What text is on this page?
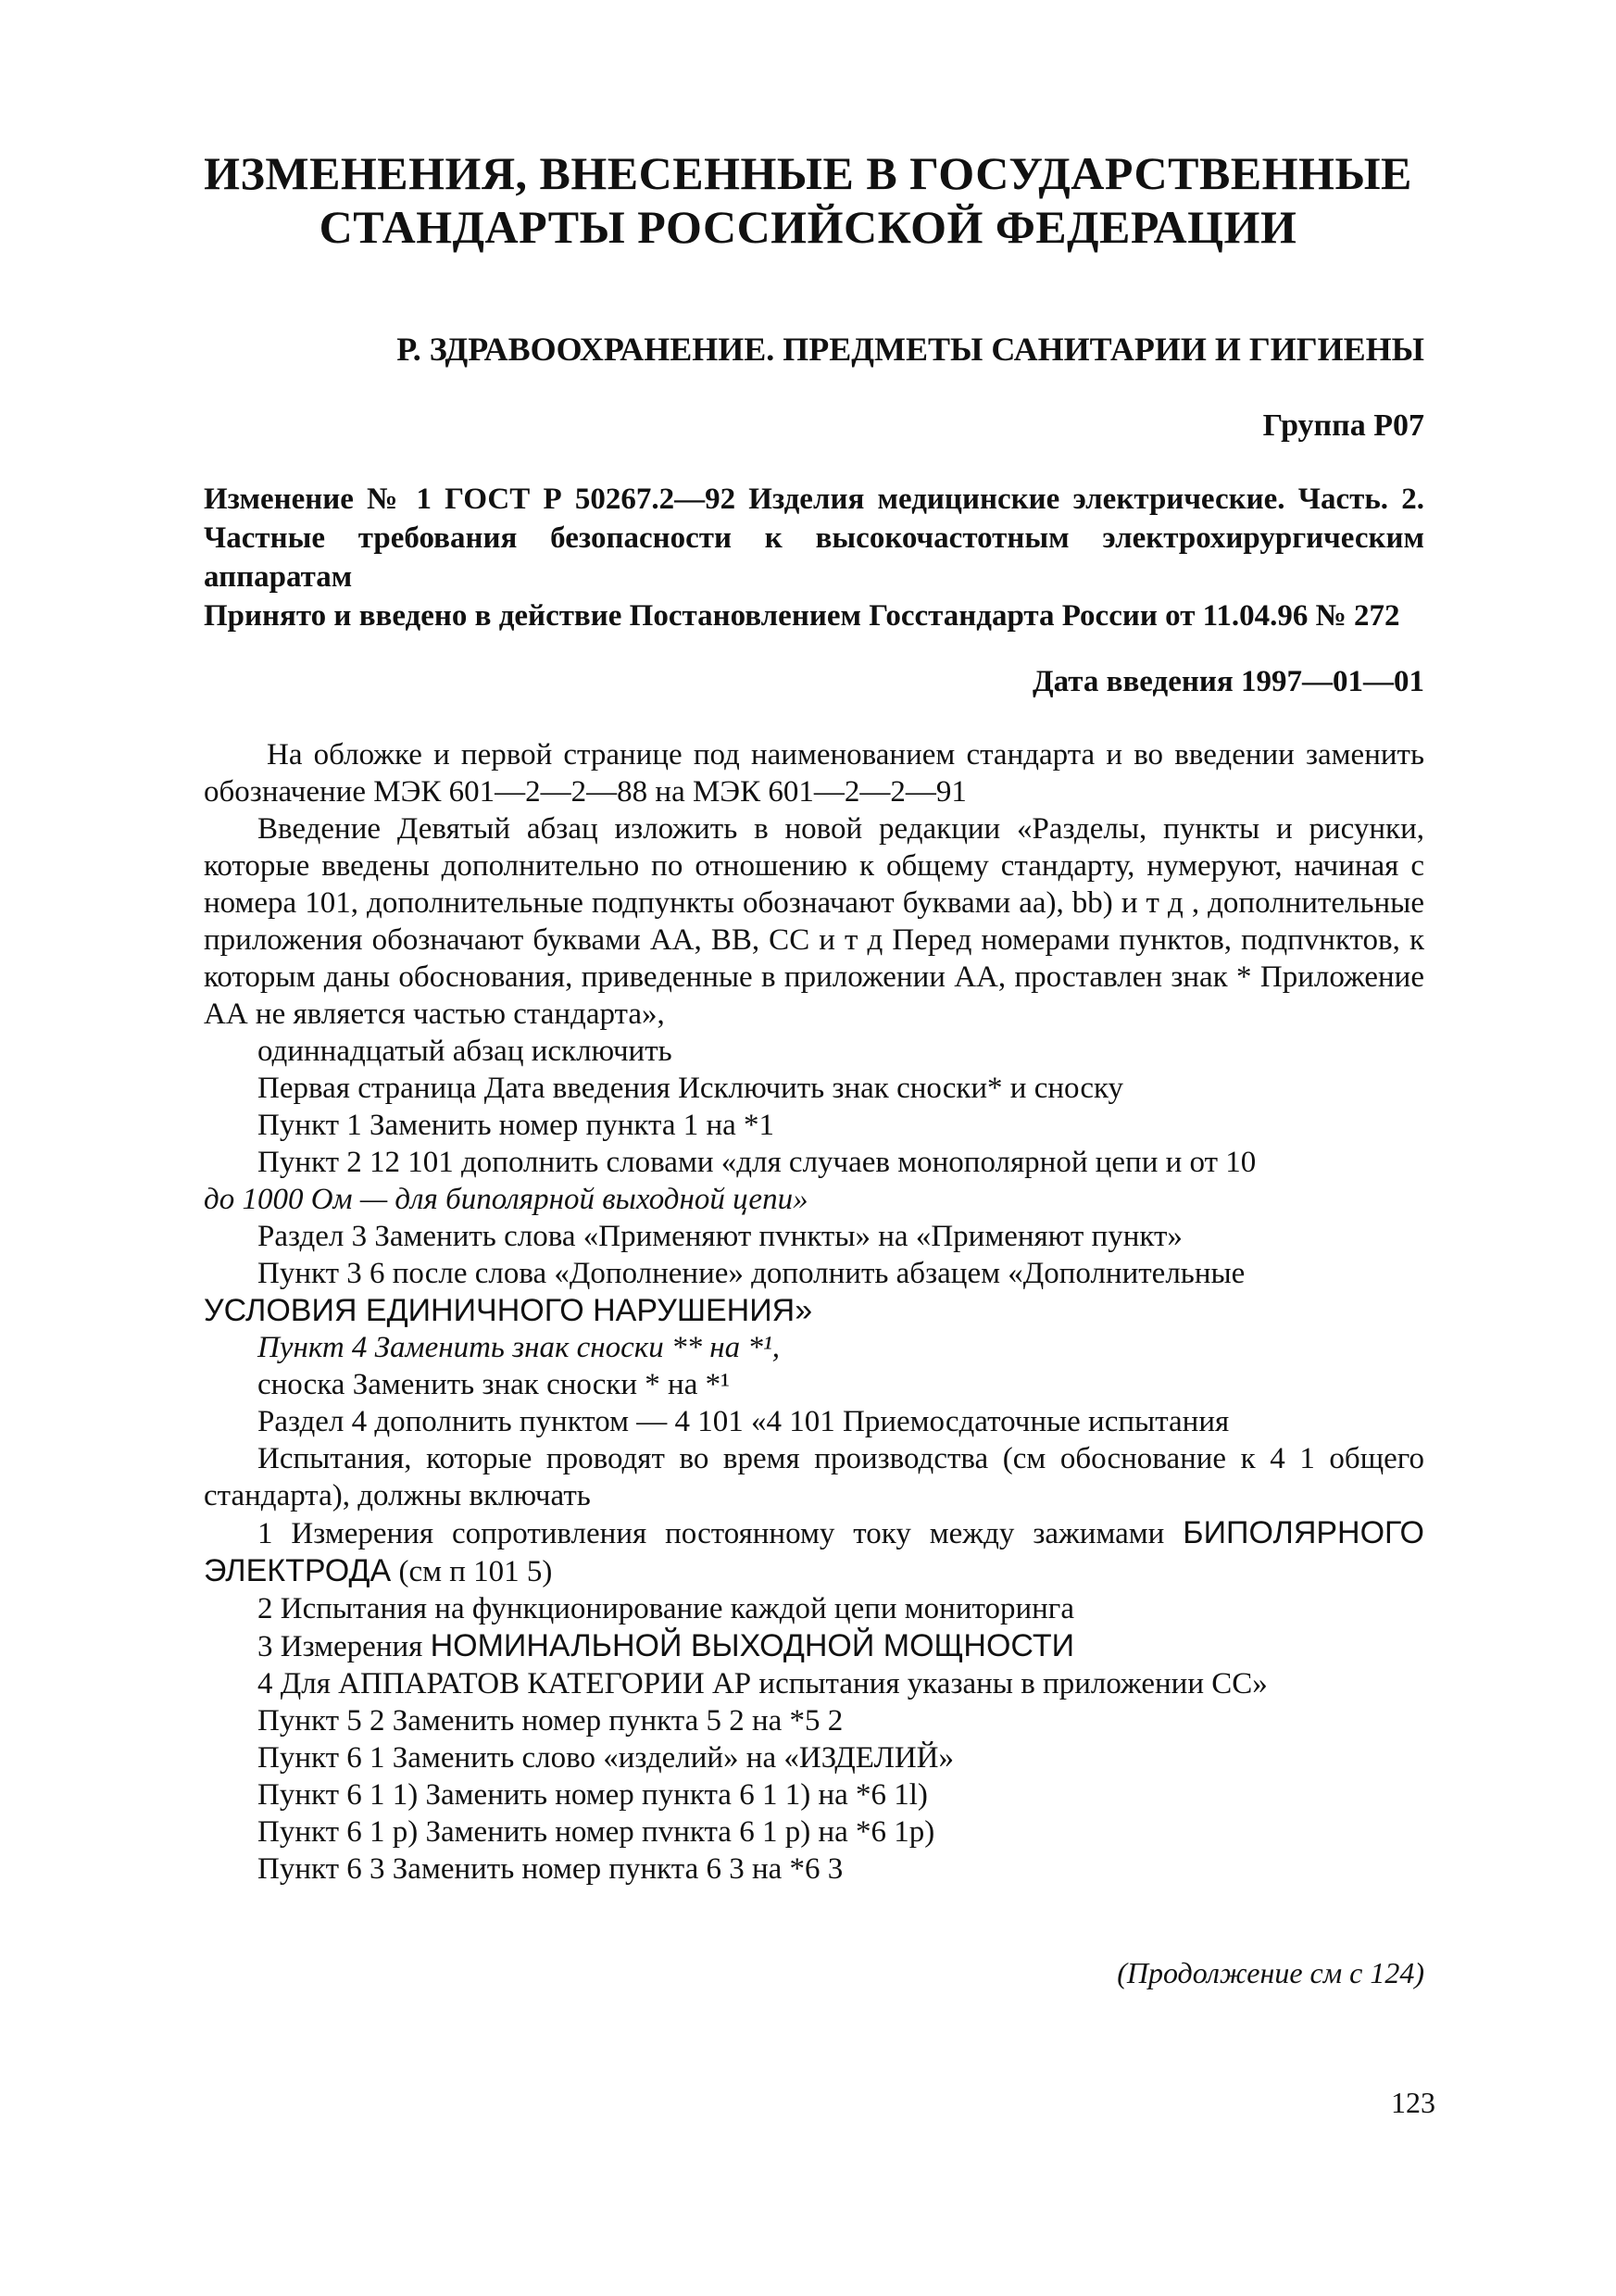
ИЗМЕНЕНИЯ, ВНЕСЕННЫЕ В ГОСУДАРСТВЕННЫЕ
СТАНДАРТЫ РОССИЙСКОЙ ФЕДЕРАЦИИ
Р. ЗДРАВООХРАНЕНИЕ. ПРЕДМЕТЫ САНИТАРИИ И ГИГИЕНЫ
Группа Р07

Изменение № 1 ГОСТ Р 50267.2—92 Изделия медицинские электрические. Часть. 2. Частные требования безопасности к высокочастотным электрохирургическим аппаратам

Принято и введено в действие Постановлением Госстандарта России от 11.04.96 № 272

Дата введения 1997—01—01

На обложке и первой странице под наименованием стандарта и во введении заменить обозначение МЭК 601—2—2—88 на МЭК 601—2—2—91

Введение Девятый абзац изложить в новой редакции «Разделы, пункты и рисунки, которые введены дополнительно по отношению к общему стандарту, нумеруют, начиная с номера 101, дополнительные подпункты обозначают буквами аа), bb) и т д , дополнительные приложения обозначают буквами АА, ВВ, СС и т д Перед номерами пунктов, подпvнктов, к которым даны обоснования, приведенные в приложении АА, проставлен знак * Приложение АА не является частью стандарта»,

одиннадцатый абзац исключить

Первая страница Дата введения Исключить знак сноски* и сноску

Пункт 1 Заменить номер пункта 1 на *1

Пункт 2 12 101 дополнить словами «для случаев монополярной цепи и от 10

до 1000 Ом — для биполярной выходной цепи»

Раздел 3 Заменить слова «Применяют пvнкты» на «Применяют пункт»

Пункт 3 6 после слова «Дополнение» дополнить абзацем «Дополнительные

УСЛОВИЯ ЕДИНИЧНОГО НАРУШЕНИЯ»

Пункт 4 Заменить знак сноски ** на *¹,

сноска Заменить знак сноски * на *¹

Раздел 4 дополнить пунктом — 4 101 «4 101 Приемосдаточные испытания

Испытания, которые проводят во время производства (см обоснование к 4 1 общего стандарта), должны включать

1 Измерения сопротивления постоянному току между зажимами БИПОЛЯРНОГО ЭЛЕКТРОДА (см п 101 5)

2 Испытания на функционирование каждой цепи мониторинга

3 Измерения НОМИНАЛЬНОЙ ВЫХОДНОЙ МОЩНОСТИ

4 Для АППАРАТОВ КАТЕГОРИИ АР испытания указаны в приложении СС»

Пункт 5 2 Заменить номер пункта 5 2 на *5 2

Пункт 6 1 Заменить слово «изделий» на «ИЗДЕЛИЙ»

Пункт 6 1 1) Заменить номер пункта 6 1 1) на *6 1l)

Пункт 6 1 р) Заменить номер пvнкта 6 1 р) на *6 1р)

Пункт 6 3 Заменить номер пункта 6 3 на *6 3

(Продолжение см с 124)
123
